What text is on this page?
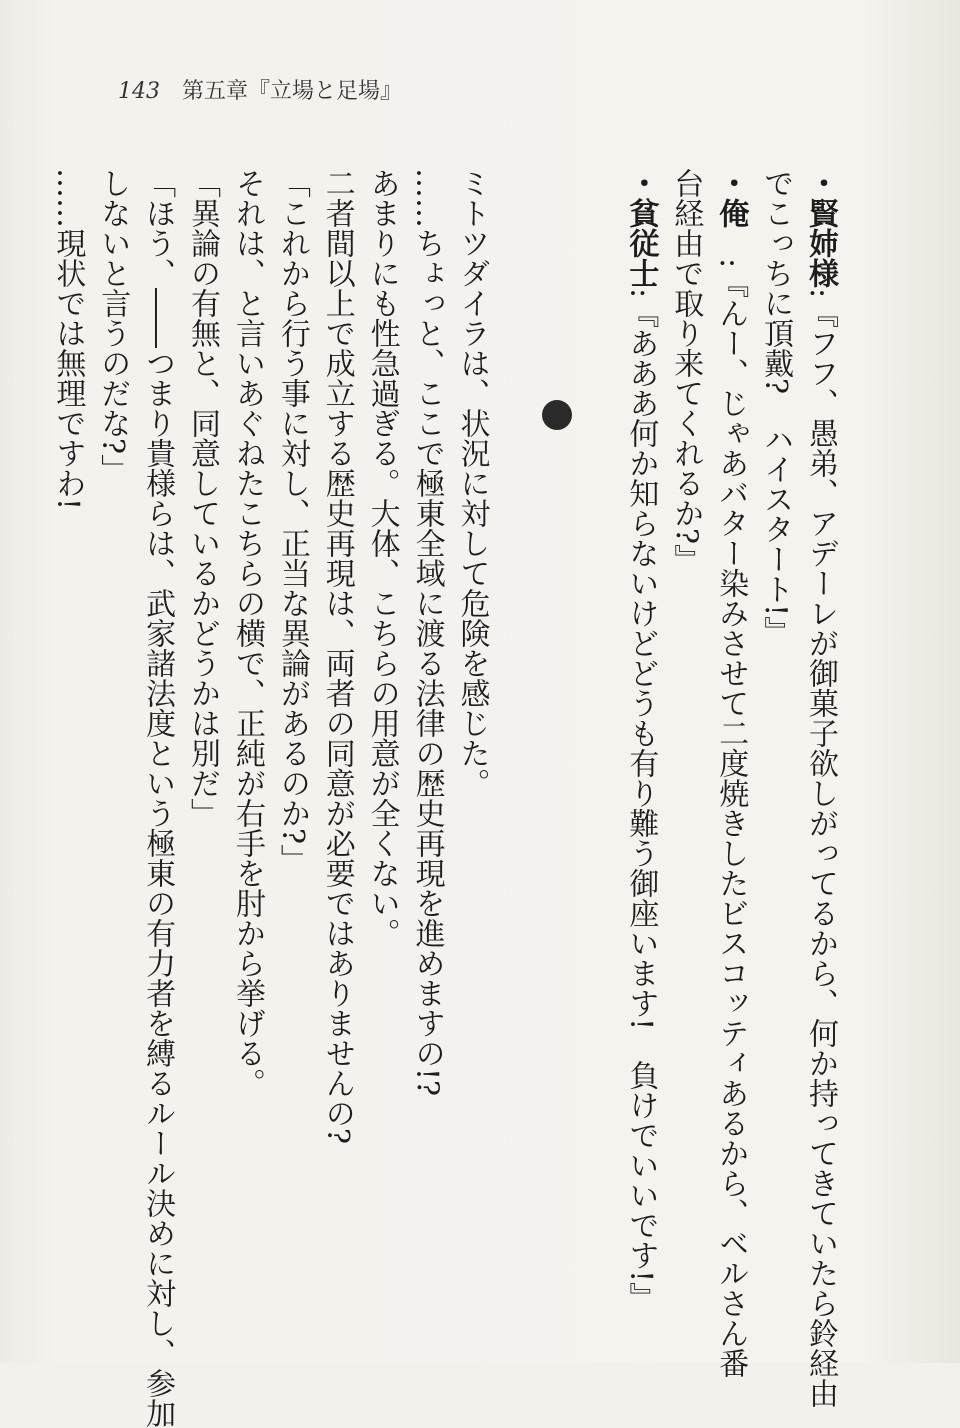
143 第五章『立場と足場』
・賢姉様:『フフ、愚弟、アデーレが御菓子欲しがってるから、何か持ってきていたら鈴経由
でこっちに頂戴?　ハイスタート!』
・俺　:『んー、じゃあバター染みさせて二度焼きしたビスコッティあるから、ベルさん番
台経由で取り来てくれるか?』
・貧従士:『あああ何か知らないけどどうも有り難う御座います!　負けでいいです!』
ミトツダイラは、状況に対して危険を感じた。
……ちょっと、ここで極東全域に渡る法律の歴史再現を進めますの!?
あまりにも性急過ぎる。大体、こちらの用意が全くない。
二者間以上で成立する歴史再現は、両者の同意が必要ではありませんの?
「これから行う事に対し、正当な異論があるのか?」
それは、と言いあぐねたこちらの横で、正純が右手を肘から挙げる。
「異論の有無と、同意しているかどうかは別だ」
「ほう、――つまり貴様らは、武家諸法度という極東の有力者を縛るルール決めに対し、参加
しないと言うのだな?」
……現状では無理ですわ!
